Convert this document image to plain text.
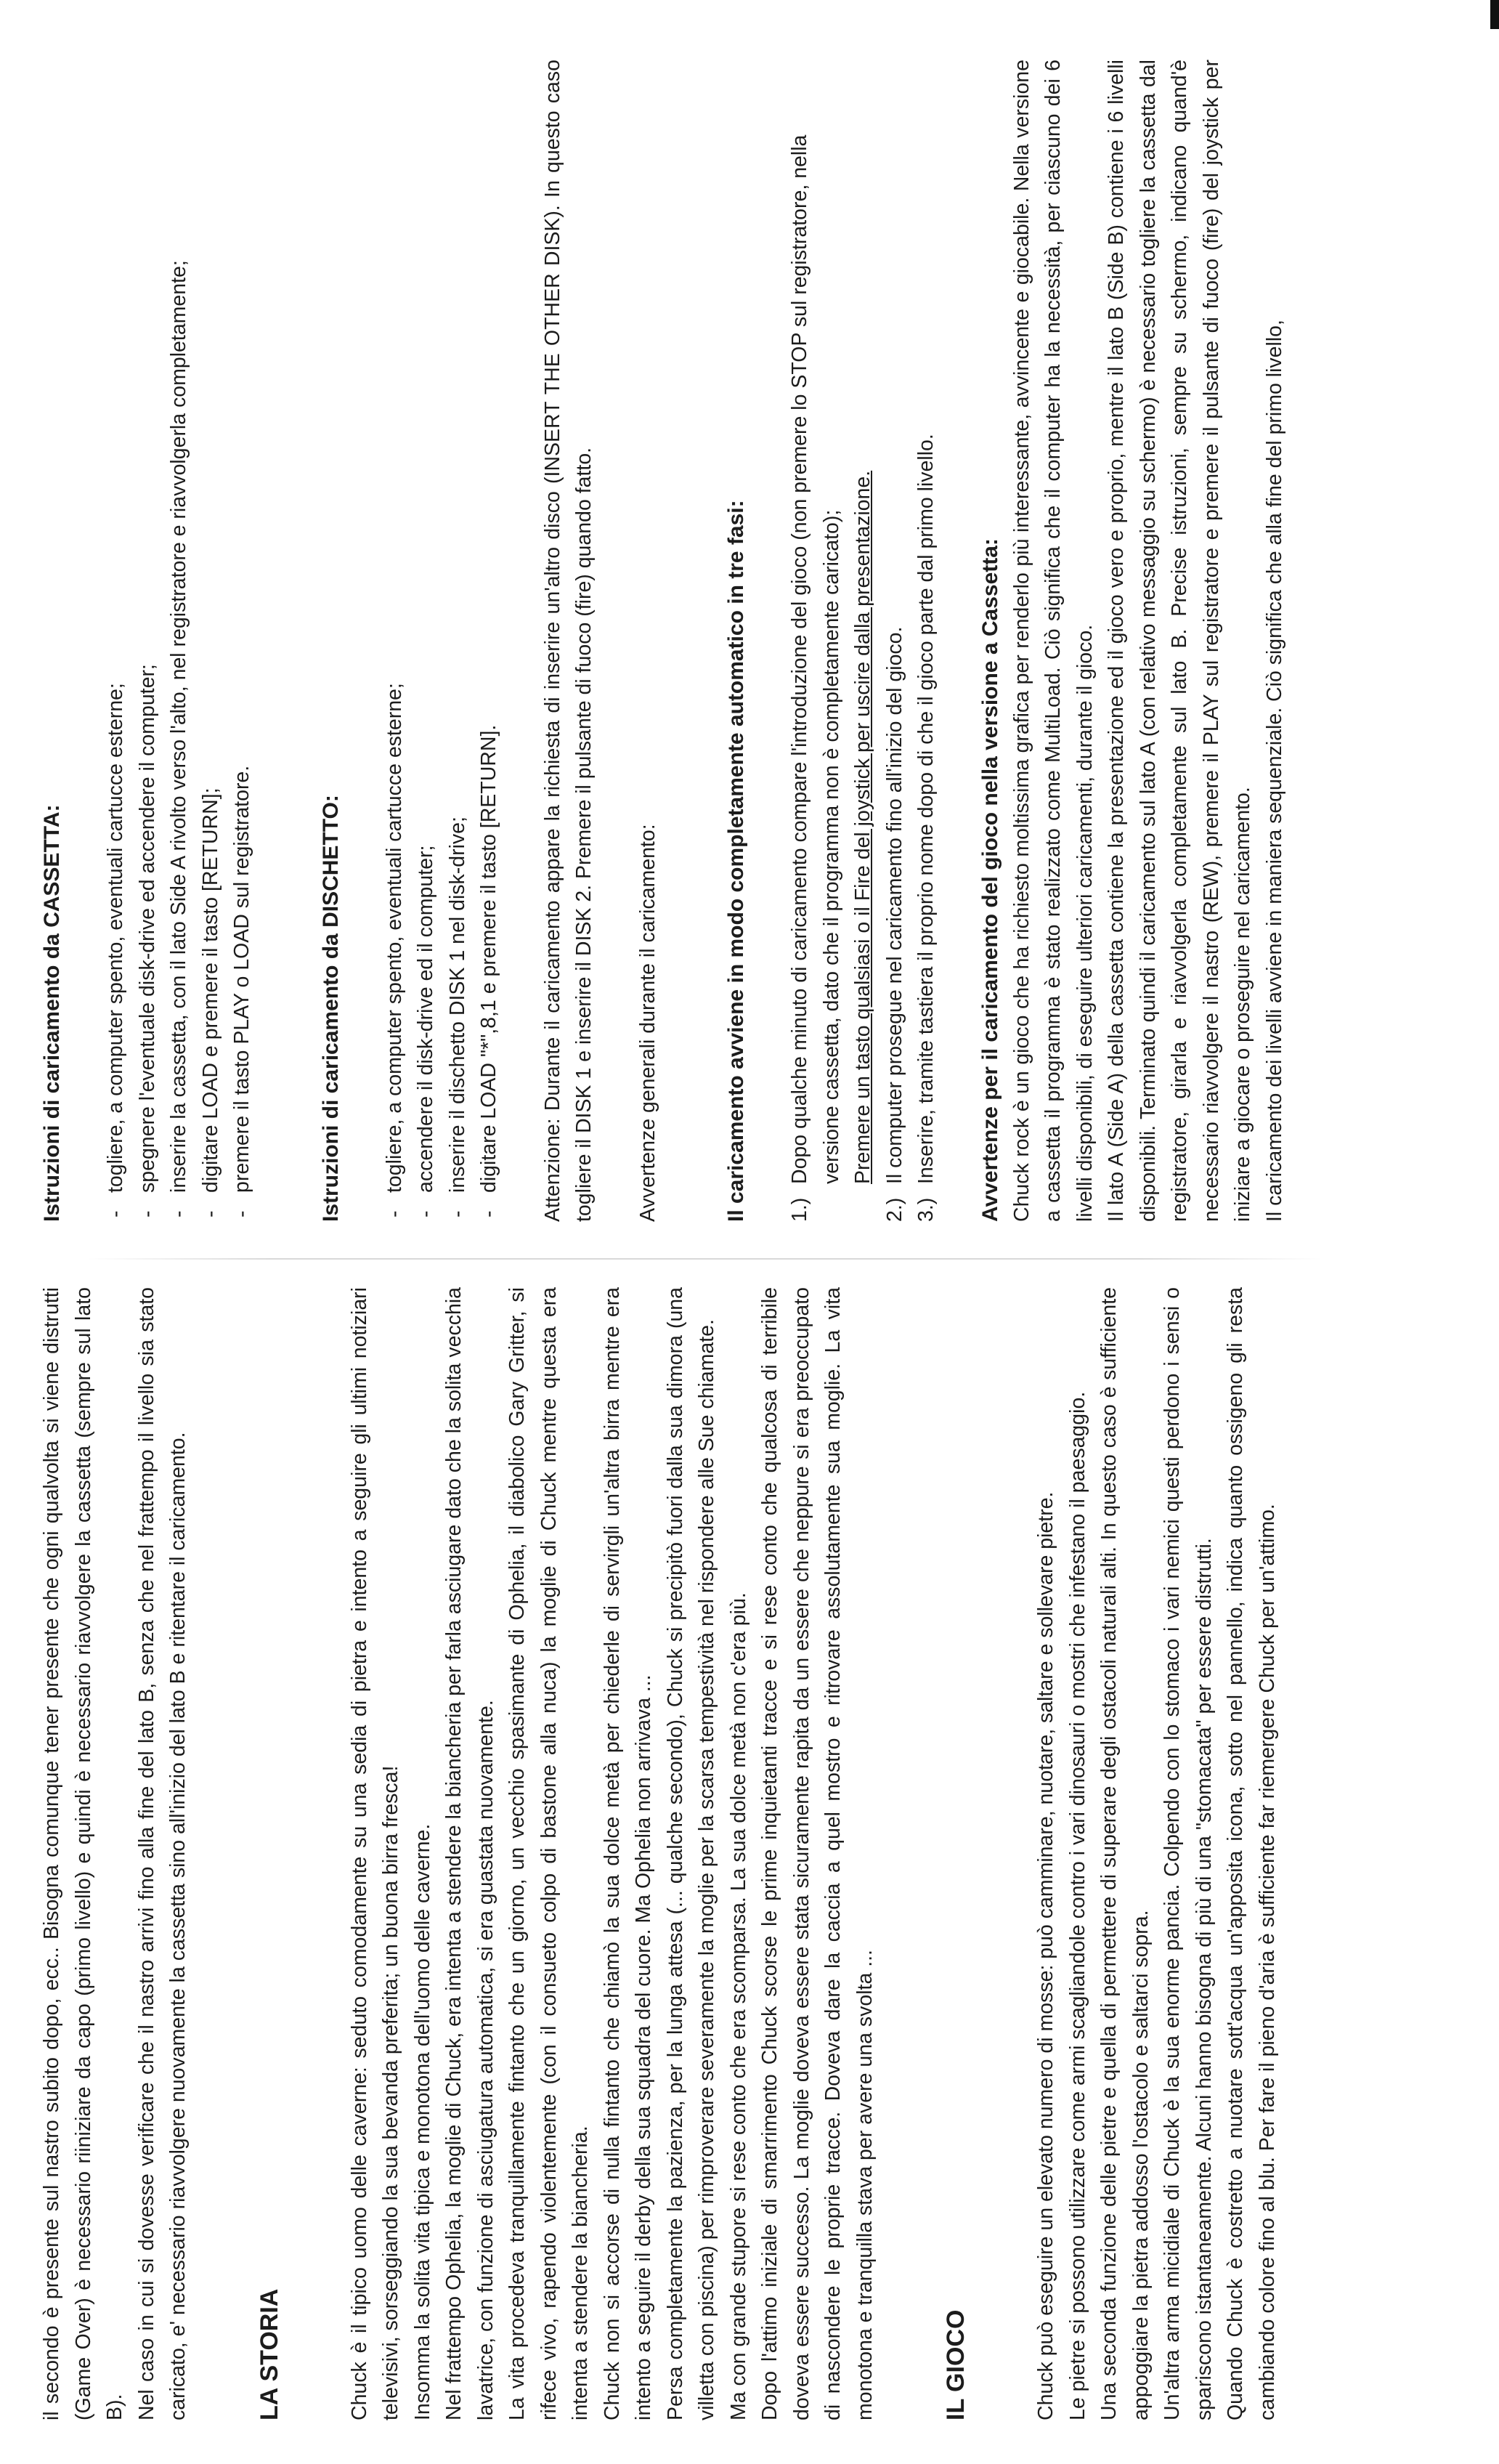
il secondo è presente sul nastro subito dopo, ecc.. Bisogna comunque tener presente che ogni qualvolta si viene distrutti (Game Over) è necessario riiniziare da capo (primo livello) e quindi è necessario riavvolgere la cassetta (sempre sul lato B). Nel caso in cui si dovesse verificare che il nastro arrivi fino alla fine del lato B, senza che nel frattempo il livello sia stato caricato, e' necessario riavvolgere nuovamente la cassetta sino all'inizio del lato B e ritentare il caricamento.	LA STORIA	Chuck è il tipico uomo delle caverne: seduto comodamente su una sedia di pietra e intento a seguire gli ultimi notiziari televisivi, sorseggiando la sua bevanda preferita; un buona birra fresca! Insomma la solita vita tipica e monotona dell'uomo delle caverne. Nel frattempo Ophelia, la moglie di Chuck, era intenta a stendere la biancheria per farla asciugare dato che la solita vecchia lavatrice, con funzione di asciugatura automatica, si era guastata nuovamente. La vita procedeva tranquillamente fintanto che un giorno, un vecchio spasimante di Ophelia, il diabolico Gary Gritter, si rifece vivo, rapendo violentemente (con il consueto colpo di bastone alla nuca) la moglie di Chuck mentre questa era intenta a stendere la biancheria. Chuck non si accorse di nulla fintanto che chiamò la sua dolce metà per chiederle di servirgli un'altra birra mentre era intento a seguire il derby della sua squadra del cuore. Ma Ophelia non arrivava ... Persa completamente la pazienza, per la lunga attesa (... qualche secondo), Chuck si precipitò fuori dalla sua dimora (una villetta con piscina) per rimproverare severamente la moglie per la scarsa tempestività nel rispondere alle Sue chiamate. Ma con grande stupore si rese conto che era scomparsa. La sua dolce metà non c'era più. Dopo l'attimo iniziale di smarrimento Chuck scorse le prime inquietanti tracce e si rese conto che qualcosa di terribile doveva essere successo. La moglie doveva essere stata sicuramente rapita da un essere che neppure si era preoccupato di nascondere le proprie tracce. Doveva dare la caccia a quel mostro e ritrovare assolutamente sua moglie. La vita monotona e tranquilla stava per avere una svolta ...	IL GIOCO	Chuck può eseguire un elevato numero di mosse: può camminare, nuotare, saltare e sollevare pietre. Le pietre si possono utilizzare come armi scagliandole contro i vari dinosauri o mostri che infestano il paesaggio. Una seconda funzione delle pietre e quella di permettere di superare degli ostacoli naturali alti. In questo caso è sufficiente appoggiare la pietra addosso l'ostacolo e saltarci sopra. Un'altra arma micidiale di Chuck è la sua enorme pancia. Colpendo con lo stomaco i vari nemici questi perdono i sensi o spariscono istantaneamente. Alcuni hanno bisogna di più di una "stomacata" per essere distrutti. Quando Chuck è costretto a nuotare sott'acqua un'apposita icona, sotto nel pannello, indica quanto ossigeno gli resta cambiando colore fino al blu. Per fare il pieno d'aria è sufficiente far riemergere Chuck per un'attimo.

Istruzioni di caricamento da CASSETTA: - togliere, a computer spento, eventuali cartucce esterne; - spegnere l'eventuale disk-drive ed accendere il computer; - inserire la cassetta, con il lato Side A rivolto verso l'alto, nel registratore e riavvolgerla completamente; - digitare LOAD e premere il tasto [RETURN]; - premere il tasto PLAY o LOAD sul registratore.	Istruzioni di caricamento da DISCHETTO: - togliere, a computer spento, eventuali cartucce esterne; - accendere il disk-drive ed il computer; - inserire il dischetto DISK 1 nel disk-drive; - digitare LOAD "*",8,1 e premere il tasto [RETURN]. Attenzione: Durante il caricamento appare la richiesta di inserire un'altro disco (INSERT THE OTHER DISK). In questo caso togliere il DISK 1 e inserire il DISK 2. Premere il pulsante di fuoco (fire) quando fatto. Avvertenze generali durante il caricamento:	Il caricamento avviene in modo completamente automatico in tre fasi: 1.)
Dopo qualche minuto di caricamento compare l'introduzione del gioco (non premere lo STOP sul registratore, nella versione cassetta, dato che il programma non è completamente caricato); Premere un tasto qualsiasi o il Fire del joystick per uscire dalla presentazione.
2.)
Il computer prosegue nel caricamento fino all'inizio del gioco.
3.)
Inserire, tramite tastiera il proprio nome dopo di che il gioco parte dal primo livello. Avvertenze per il caricamento del gioco nella versione a Cassetta: Chuck rock è un gioco che ha richiesto moltissima grafica per renderlo più interessante, avvincente e giocabile. Nella versione a cassetta il programma è stato realizzato come MultiLoad. Ciò significa che il computer ha la necessità, per ciascuno dei 6 livelli disponibili, di eseguire ulteriori caricamenti, durante il gioco. Il lato A (Side A) della cassetta contiene la presentazione ed il gioco vero e proprio, mentre il lato B (Side B) contiene i 6 livelli disponibili. Terminato quindi il caricamento sul lato A (con relativo messaggio su schermo) è necessario togliere la cassetta dal registratore, girarla e riavvolgerla completamente sul lato B. Precise istruzioni, sempre su schermo, indicano quand'è necessario riavvolgere il nastro (REW), premere il PLAY sul registratore e premere il pulsante di fuoco (fire) del joystick per iniziare a giocare o proseguire nel caricamento. Il caricamento dei livelli avviene in maniera sequenziale. Ciò significa che alla fine del primo livello,
